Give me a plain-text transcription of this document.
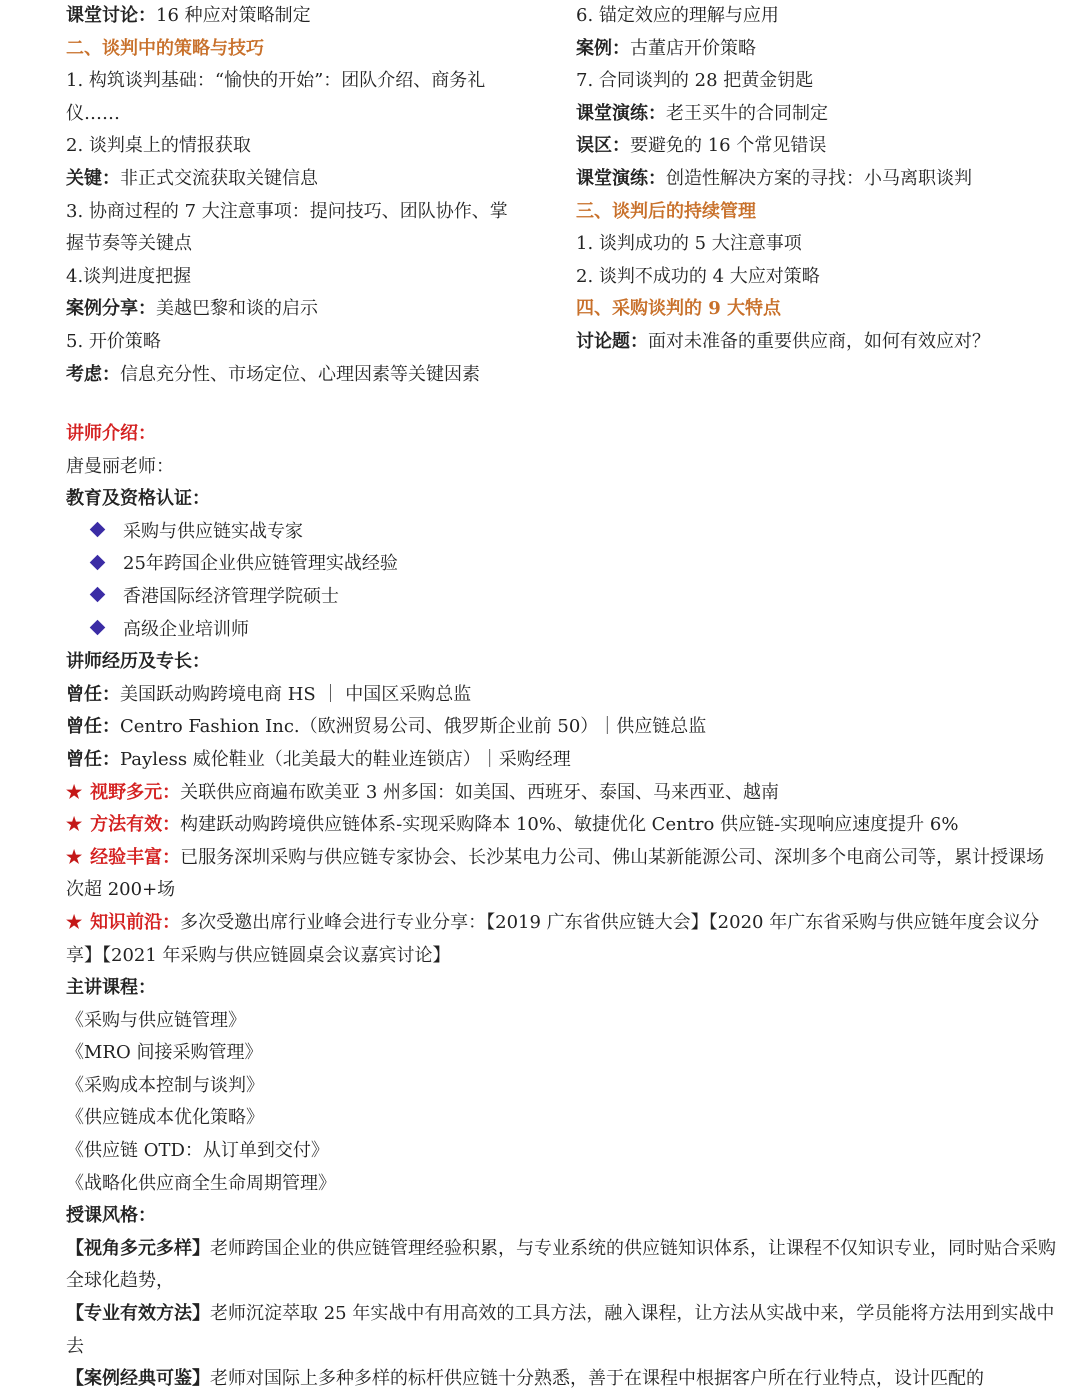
课堂讨论：16 种应对策略制定
二、谈判中的策略与技巧
1. 构筑谈判基础：“愉快的开始”：团队介绍、商务礼
仪……
2. 谈判桌上的情报获取
关键：非正式交流获取关键信息
3. 协商过程的 7 大注意事项：提问技巧、团队协作、掌
握节奏等关键点
4.谈判进度把握
案例分享：美越巴黎和谈的启示
5. 开价策略
考虑：信息充分性、市场定位、心理因素等关键因素
6. 锚定效应的理解与应用
案例：古董店开价策略
7. 合同谈判的 28 把黄金钥匙
课堂演练：老王买牛的合同制定
误区：要避免的 16 个常见错误
课堂演练：创造性解决方案的寻找：小马离职谈判
三、谈判后的持续管理
1. 谈判成功的 5 大注意事项
2. 谈判不成功的 4 大应对策略
四、采购谈判的 9 大特点
讨论题：面对未准备的重要供应商，如何有效应对？
讲师介绍：
唐曼丽老师：
教育及资格认证：
采购与供应链实战专家
25年跨国企业供应链管理实战经验
香港国际经济管理学院硕士
高级企业培训师
讲师经历及专长：
曾任：美国跃动购跨境电商 HS ｜ 中国区采购总监
曾任：Centro Fashion Inc.（欧洲贸易公司、俄罗斯企业前 50）｜供应链总监
曾任：Payless 威伦鞋业（北美最大的鞋业连锁店）｜采购经理
★ 视野多元：关联供应商遍布欧美亚 3 州多国：如美国、西班牙、泰国、马来西亚、越南
★ 方法有效：构建跃动购跨境供应链体系-实现采购降本 10%、敏捷优化 Centro 供应链-实现响应速度提升 6%
★ 经验丰富：已服务深圳采购与供应链专家协会、长沙某电力公司、佛山某新能源公司、深圳多个电商公司等，累计授课场次超 200+场
★ 知识前沿：多次受邀出席行业峰会进行专业分享：【2019 广东省供应链大会】【2020 年广东省采购与供应链年度会议分享】【2021 年采购与供应链圆桌会议嘉宾讨论】
主讲课程：
《采购与供应链管理》
《MRO 间接采购管理》
《采购成本控制与谈判》
《供应链成本优化策略》
《供应链 OTD：从订单到交付》
《战略化供应商全生命周期管理》
授课风格：
【视角多元多样】老师跨国企业的供应链管理经验积累，与专业系统的供应链知识体系，让课程不仅知识专业，同时贴合采购全球化趋势，
【专业有效方法】老师沉淀萃取 25 年实战中有用高效的工具方法，融入课程，让方法从实战中来，学员能将方法用到实战中去
【案例经典可鉴】老师对国际上多种多样的标杆供应链十分熟悉，善于在课程中根据客户所在行业特点，设计匹配的
